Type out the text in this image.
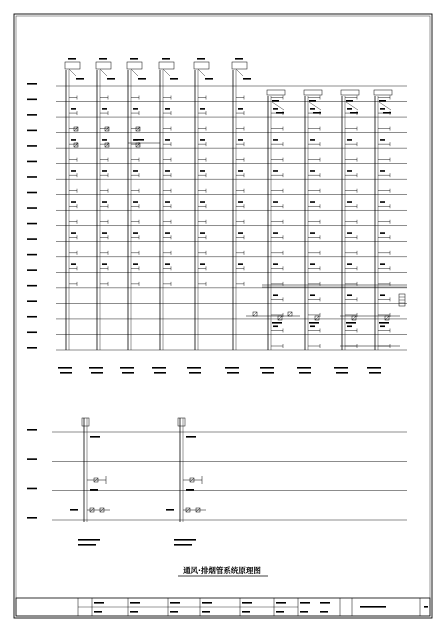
通风·排烟管系统原理图
